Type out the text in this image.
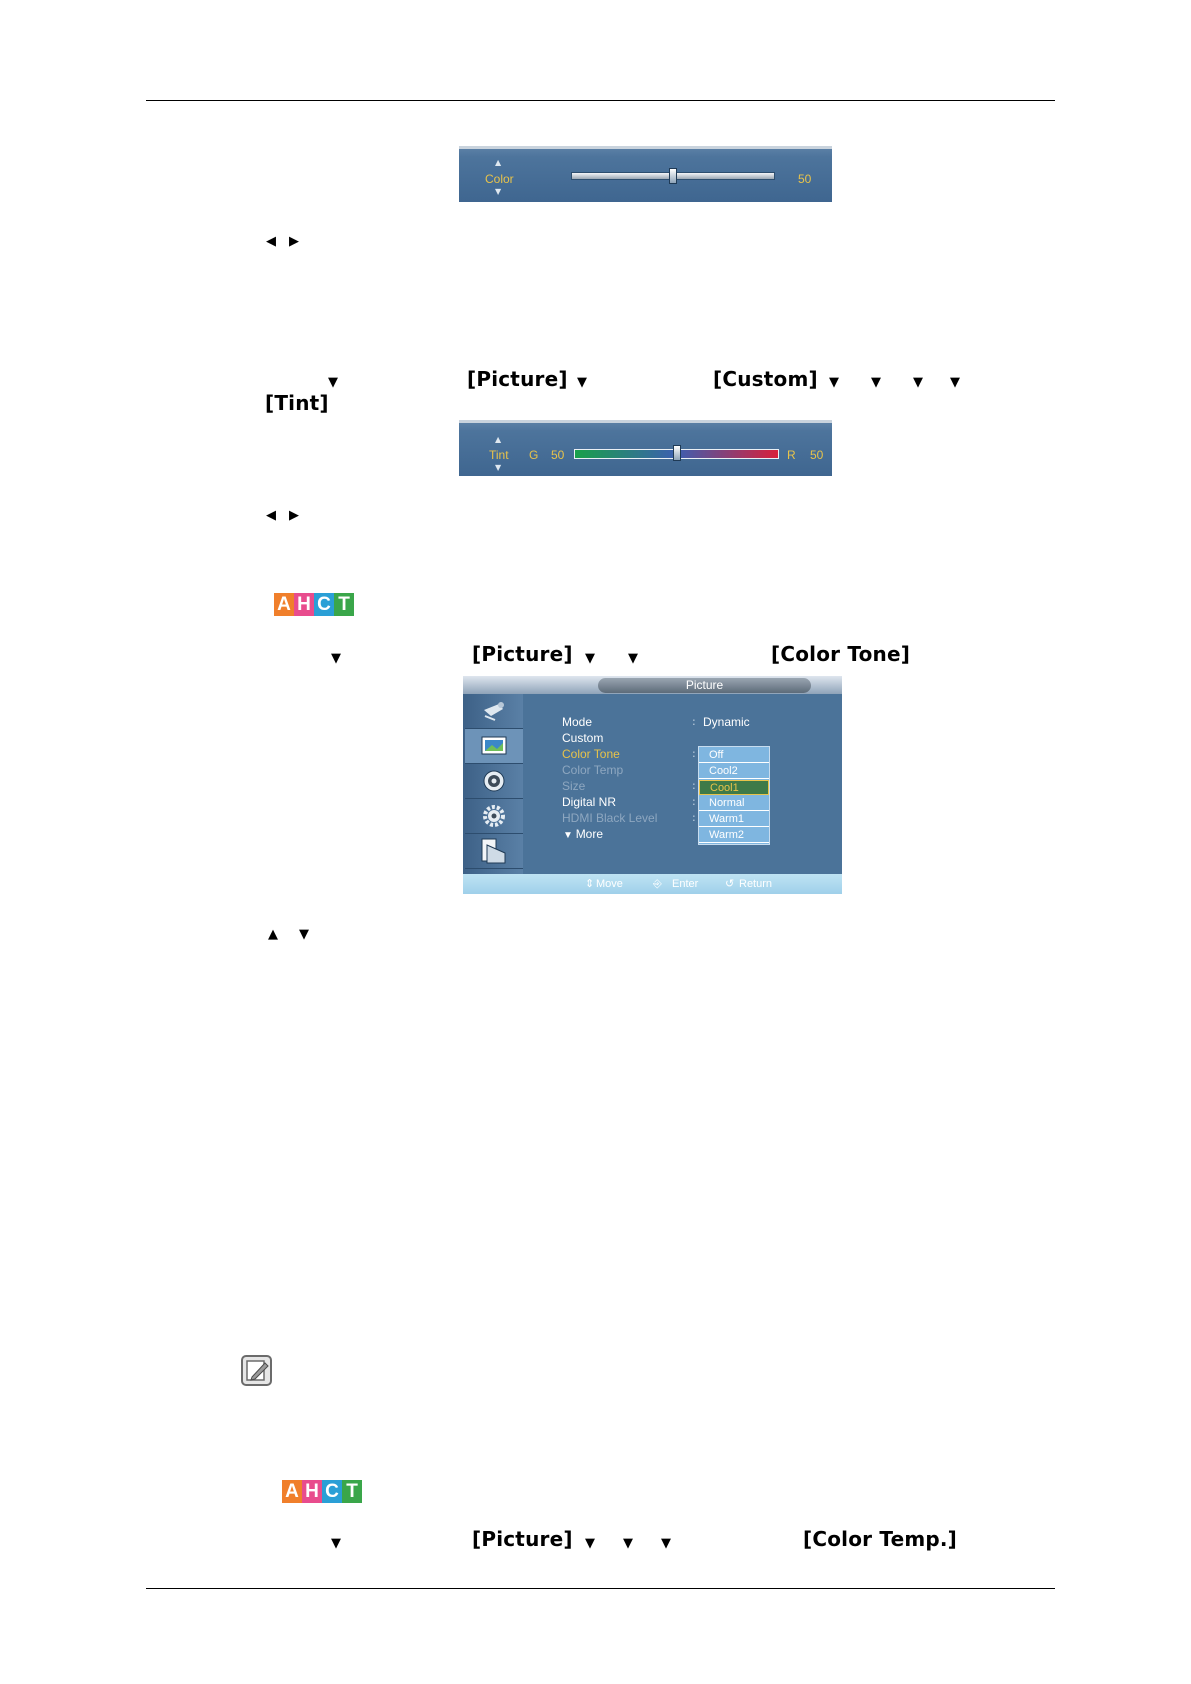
▲
Color
▼
50
◀ ▶
▼	[Picture] ▼	[Custom] ▼ ▼ ▼ ▼
[Tint]
▲
Tint
▼
G 50	R 50
◀ ▶
A H C T
▼	[Picture] ▼	▼	[Color Tone]
Picture
Mode	: Dynamic
Custom
Color Tone	:
Color Temp
Size	:
Digital NR	:
HDMI Black Level	:
▼ More
Off
Cool2
Cool1
Normal
Warm1
Warm2
⇕ Move	⎆ Enter ↺ Return
▲ ▼
A H C T
▼	[Picture] ▼ ▼ ▼	[Color Temp.]
